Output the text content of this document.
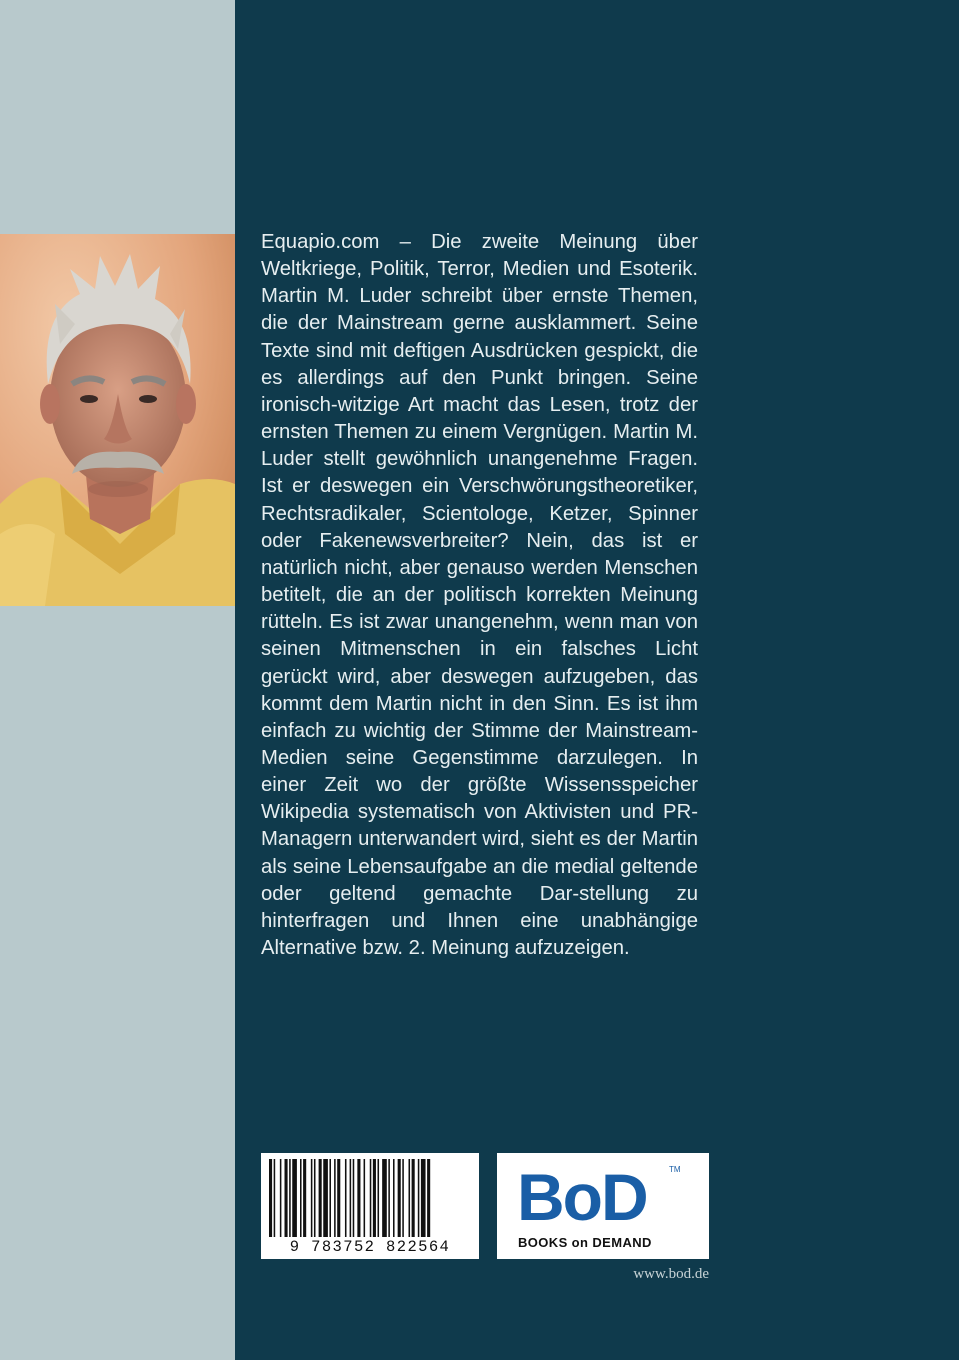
Equapio.com – Die zweite Meinung über Weltkriege, Politik, Terror, Medien und Esoterik. Martin M. Luder schreibt über ernste Themen, die der Mainstream gerne ausklammert. Seine Texte sind mit deftigen Ausdrücken gespickt, die es allerdings auf den Punkt bringen. Seine ironisch-witzige Art macht das Lesen, trotz der ernsten Themen zu einem Vergnügen. Martin M. Luder stellt gewöhnlich unangenehme Fragen. Ist er deswegen ein Verschwörungstheoretiker, Rechtsradikaler, Scientologe, Ketzer, Spinner oder Fakenewsverbreiter? Nein, das ist er natürlich nicht, aber genauso werden Menschen betitelt, die an der politisch korrekten Meinung rütteln. Es ist zwar unangenehm, wenn man von seinen Mitmenschen in ein falsches Licht gerückt wird, aber deswegen aufzugeben, das kommt dem Martin nicht in den Sinn. Es ist ihm einfach zu wichtig der Stimme der Mainstream-Medien seine Gegenstimme darzulegen. In einer Zeit wo der größte Wissensspeicher Wikipedia systematisch von Aktivisten und PR-Managern unterwandert wird, sieht es der Martin als seine Lebensaufgabe an die medial geltende oder geltend gemachte Dar-stellung zu hinterfragen und Ihnen eine unabhängige Alternative bzw. 2. Meinung aufzuzeigen.

9 783752 822564
BoD	TM
BOOKS on DEMAND
www.bod.de
